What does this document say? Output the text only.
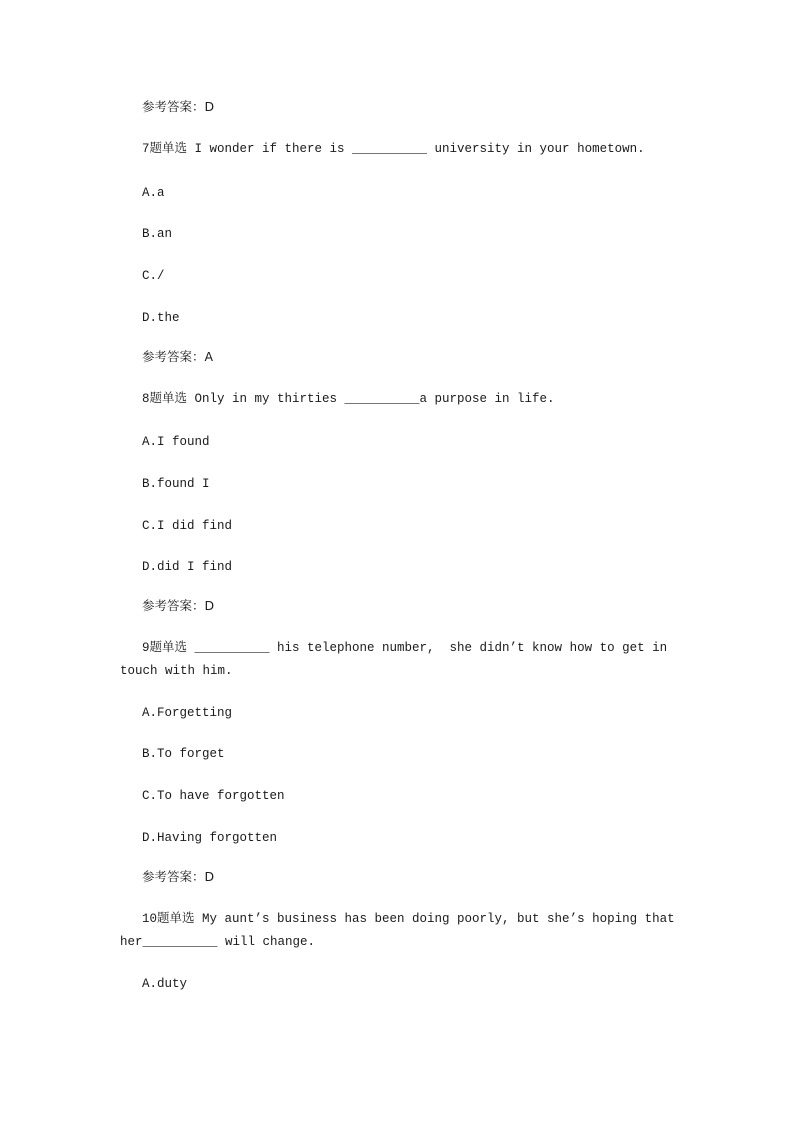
参考答案：D
7题单选 I wonder if there is __________ university in your hometown.
A.a
B.an
C./
D.the
参考答案：A
8题单选 Only in my thirties __________a purpose in life.
A.I found
B.found I
C.I did find
D.did I find
参考答案：D
9题单选 __________ his telephone number,  she didn’t know how to get in
touch with him.
A.Forgetting
B.To forget
C.To have forgotten
D.Having forgotten
参考答案：D
10题单选 My aunt’s business has been doing poorly, but she’s hoping that
her__________ will change.
A.duty
